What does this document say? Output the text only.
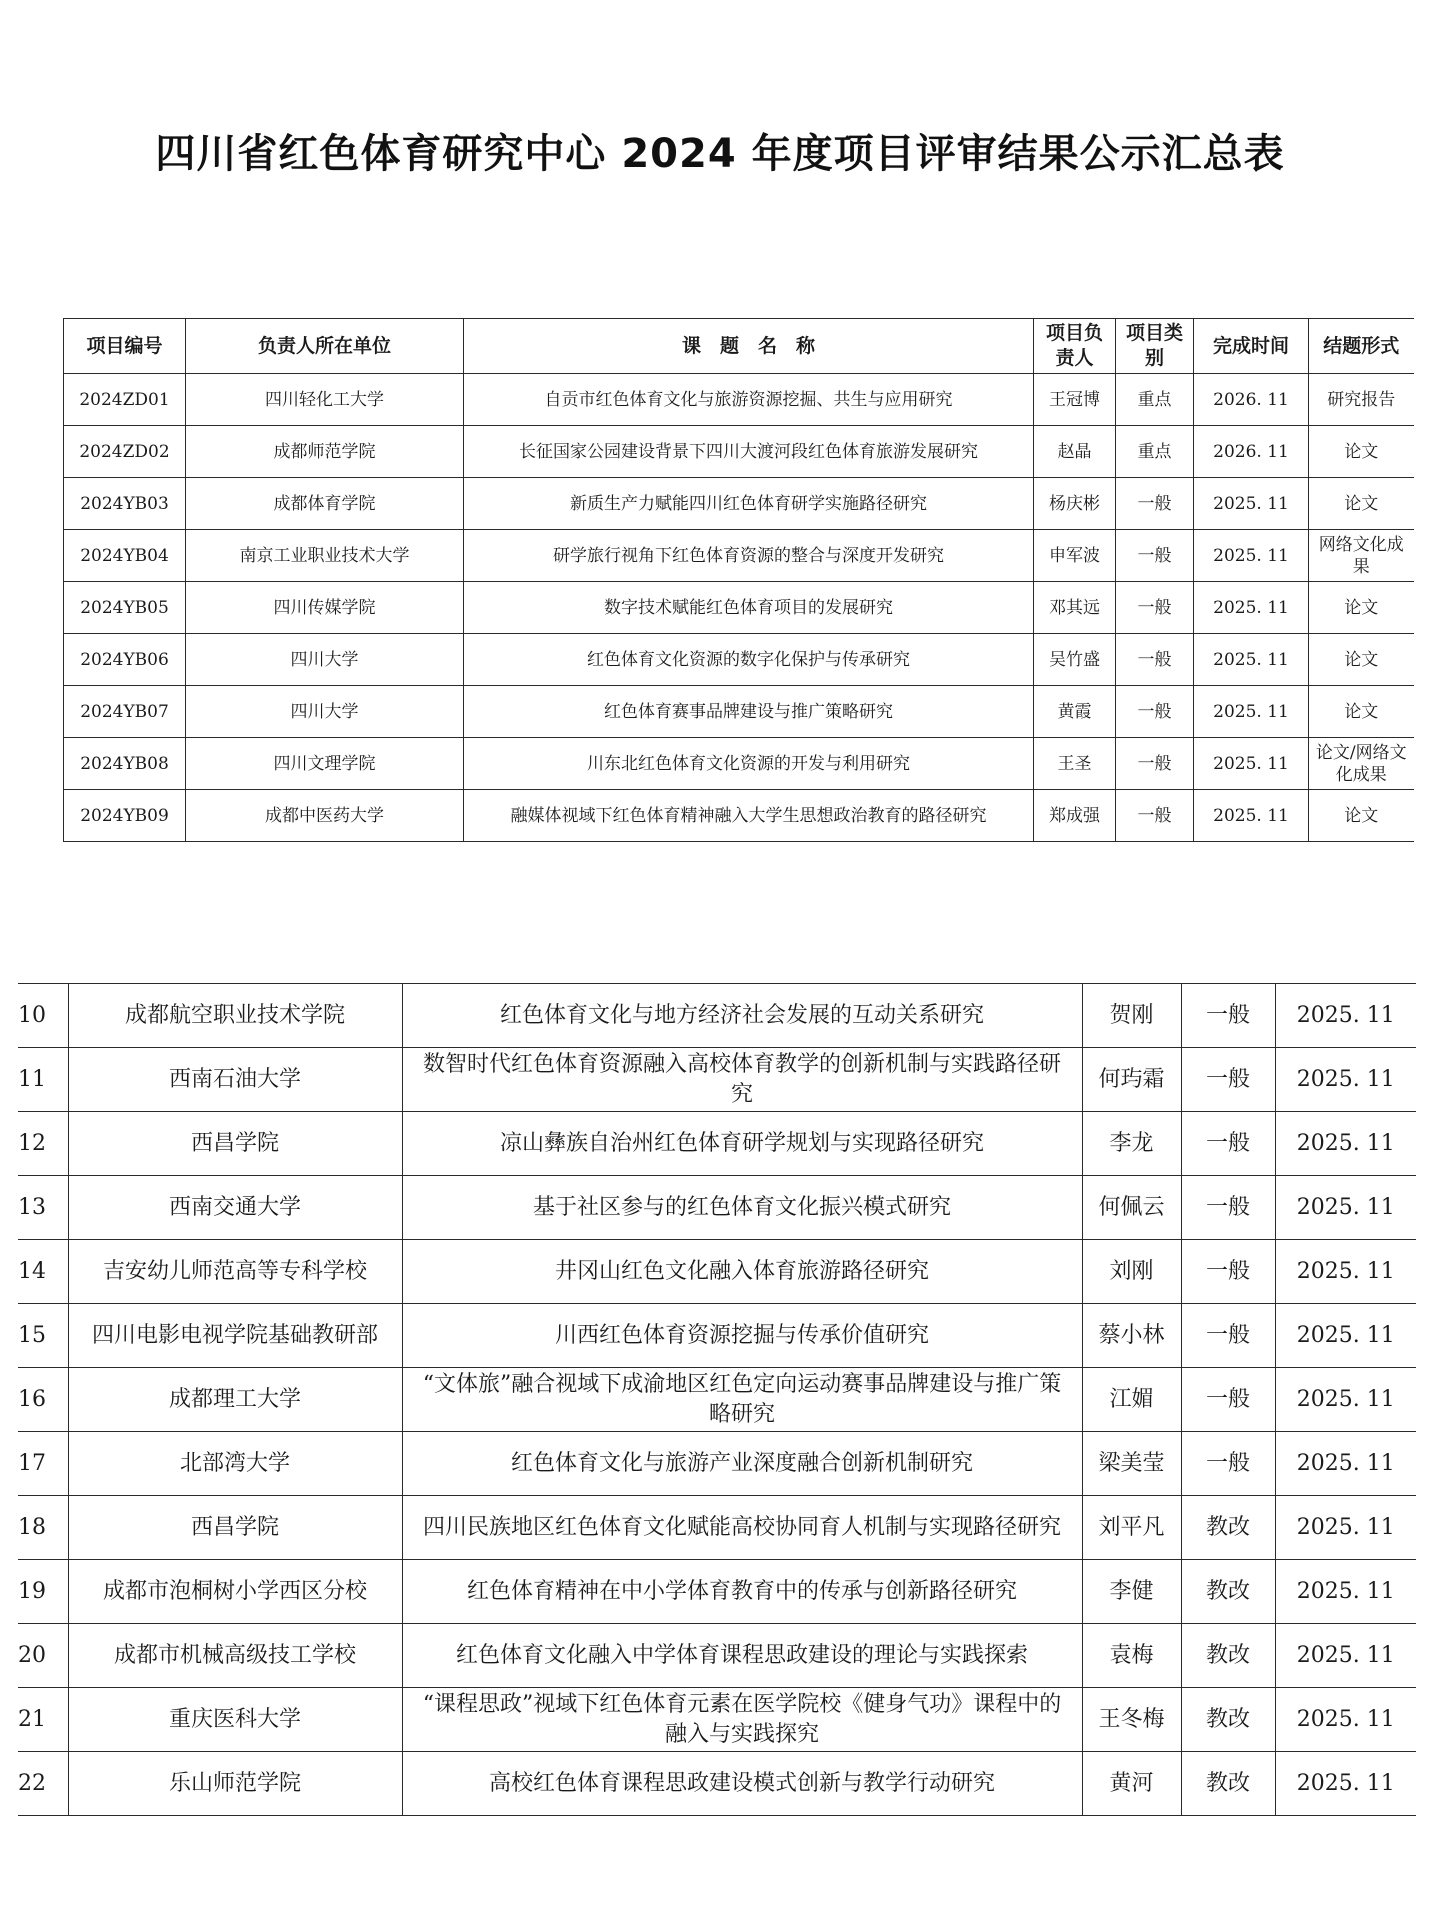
四川省红色体育研究中心 2024 年度项目评审结果公示汇总表
项目编号	负责人所在单位	课　题　名　称	项目负责人	项目类别	完成时间	结题形式
2024ZD01	四川轻化工大学	自贡市红色体育文化与旅游资源挖掘、共生与应用研究	王冠博	重点	2026. 11	研究报告
2024ZD02	成都师范学院	长征国家公园建设背景下四川大渡河段红色体育旅游发展研究	赵晶	重点	2026. 11	论文
2024YB03	成都体育学院	新质生产力赋能四川红色体育研学实施路径研究	杨庆彬	一般	2025. 11	论文
2024YB04	南京工业职业技术大学	研学旅行视角下红色体育资源的整合与深度开发研究	申军波	一般	2025. 11	网络文化成果
2024YB05	四川传媒学院	数字技术赋能红色体育项目的发展研究	邓其远	一般	2025. 11	论文
2024YB06	四川大学	红色体育文化资源的数字化保护与传承研究	吴竹盛	一般	2025. 11	论文
2024YB07	四川大学	红色体育赛事品牌建设与推广策略研究	黄霞	一般	2025. 11	论文
2024YB08	四川文理学院	川东北红色体育文化资源的开发与利用研究	王圣	一般	2025. 11	论文/网络文化成果
2024YB09	成都中医药大学	融媒体视域下红色体育精神融入大学生思想政治教育的路径研究	郑成强	一般	2025. 11	论文
10	成都航空职业技术学院	红色体育文化与地方经济社会发展的互动关系研究	贺刚	一般	2025. 11
11	西南石油大学	数智时代红色体育资源融入高校体育教学的创新机制与实践路径研究	何玙霜	一般	2025. 11
12	西昌学院	凉山彝族自治州红色体育研学规划与实现路径研究	李龙	一般	2025. 11
13	西南交通大学	基于社区参与的红色体育文化振兴模式研究	何佩云	一般	2025. 11
14	吉安幼儿师范高等专科学校	井冈山红色文化融入体育旅游路径研究	刘刚	一般	2025. 11
15	四川电影电视学院基础教研部	川西红色体育资源挖掘与传承价值研究	蔡小林	一般	2025. 11
16	成都理工大学	“文体旅”融合视域下成渝地区红色定向运动赛事品牌建设与推广策略研究	江媚	一般	2025. 11
17	北部湾大学	红色体育文化与旅游产业深度融合创新机制研究	梁美莹	一般	2025. 11
18	西昌学院	四川民族地区红色体育文化赋能高校协同育人机制与实现路径研究	刘平凡	教改	2025. 11
19	成都市泡桐树小学西区分校	红色体育精神在中小学体育教育中的传承与创新路径研究	李健	教改	2025. 11
20	成都市机械高级技工学校	红色体育文化融入中学体育课程思政建设的理论与实践探索	袁梅	教改	2025. 11
21	重庆医科大学	“课程思政”视域下红色体育元素在医学院校《健身气功》课程中的融入与实践探究	王冬梅	教改	2025. 11
22	乐山师范学院	高校红色体育课程思政建设模式创新与教学行动研究	黄河	教改	2025. 11
